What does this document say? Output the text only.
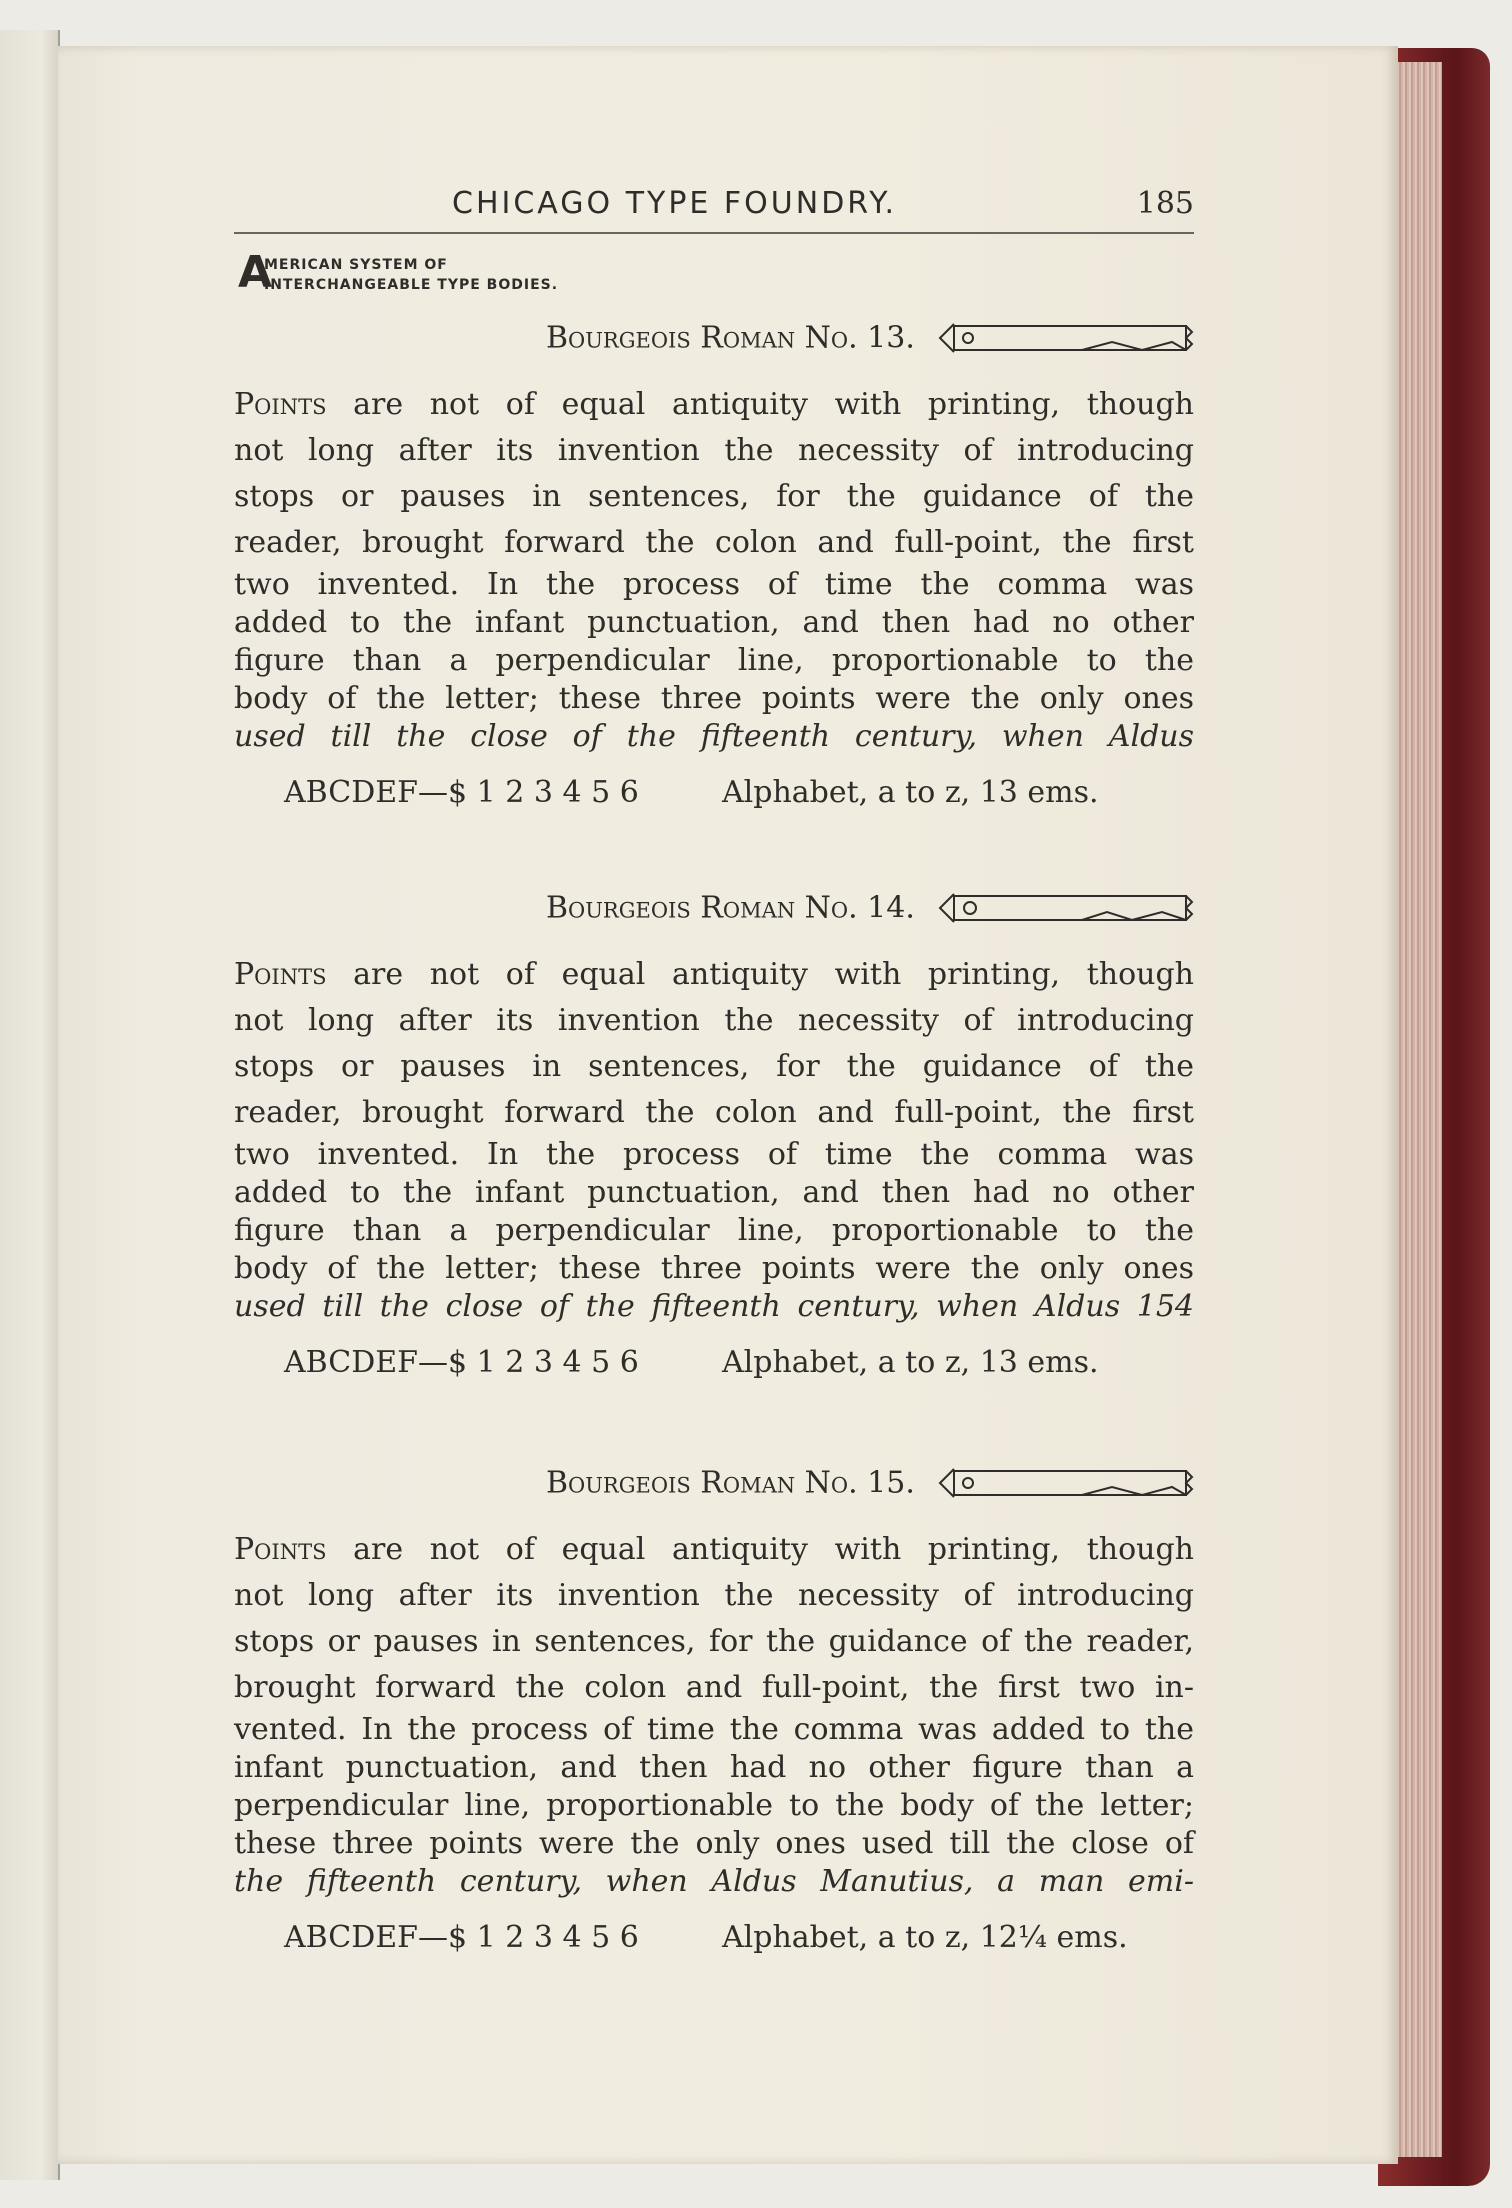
CHICAGO TYPE FOUNDRY.	185
A
MERICAN SYSTEM OF
INTERCHANGEABLE TYPE BODIES.
Bourgeois Roman No. 13.
Points are not of equal antiquity with printing, though
not long after its invention the necessity of introducing
stops or pauses in sentences, for the guidance of the
reader, brought forward the colon and full-point, the first
two invented. In the process of time the comma was
added to the infant punctuation, and then had no other
figure than a perpendicular line, proportionable to the
body of the letter; these three points were the only ones
used till the close of the fifteenth century, when Aldus
ABCDEF—$ 1 2 3 4 5 6	Alphabet, a to z, 13 ems.
Bourgeois Roman No. 14.
Points are not of equal antiquity with printing, though
not long after its invention the necessity of introducing
stops or pauses in sentences, for the guidance of the
reader, brought forward the colon and full-point, the first
two invented. In the process of time the comma was
added to the infant punctuation, and then had no other
figure than a perpendicular line, proportionable to the
body of the letter; these three points were the only ones
used till the close of the fifteenth century, when Aldus 154
ABCDEF—$ 1 2 3 4 5 6	Alphabet, a to z, 13 ems.
Bourgeois Roman No. 15.
Points are not of equal antiquity with printing, though
not long after its invention the necessity of introducing
stops or pauses in sentences, for the guidance of the reader,
brought forward the colon and full-point, the first two in-
vented. In the process of time the comma was added to the
infant punctuation, and then had no other figure than a
perpendicular line, proportionable to the body of the letter;
these three points were the only ones used till the close of
the fifteenth century, when Aldus Manutius, a man emi-
ABCDEF—$ 1 2 3 4 5 6	Alphabet, a to z, 12¼ ems.
